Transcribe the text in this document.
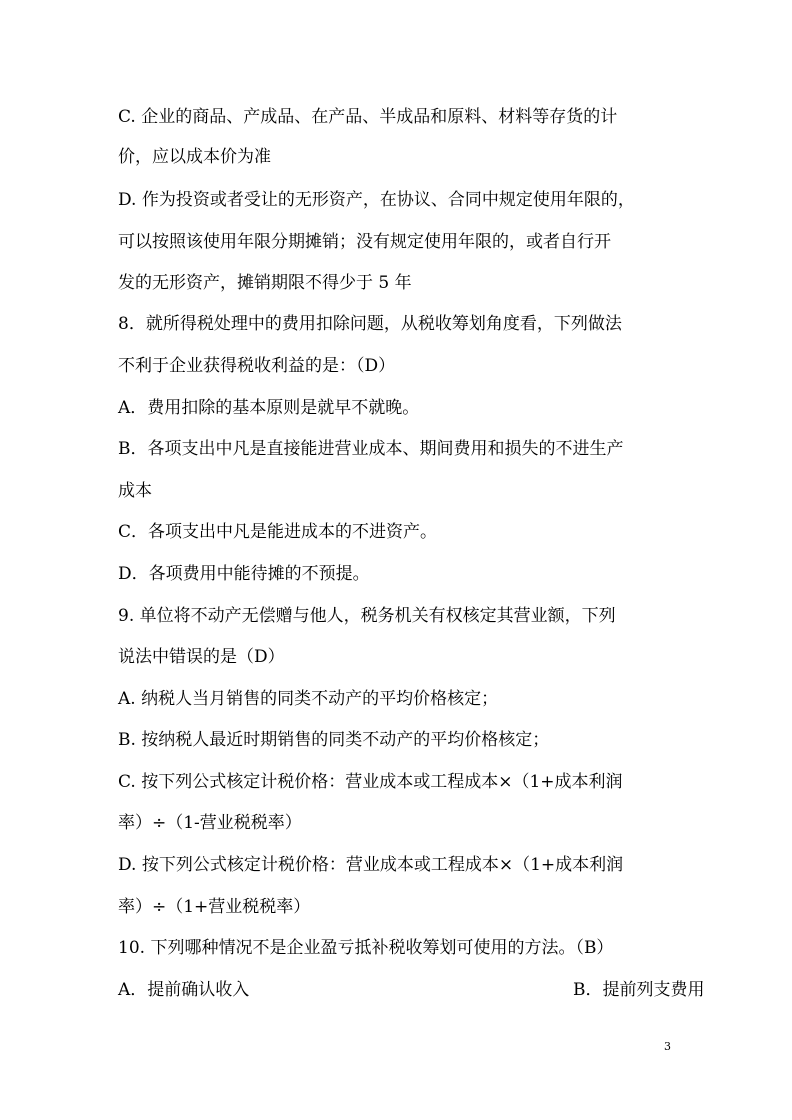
C. 企业的商品、产成品、在产品、半成品和原料、材料等存货的计
价，应以成本价为准
D. 作为投资或者受让的无形资产，在协议、合同中规定使用年限的，
可以按照该使用年限分期摊销；没有规定使用年限的，或者自行开
发的无形资产，摊销期限不得少于 5 年
8．就所得税处理中的费用扣除问题，从税收筹划角度看，下列做法
不利于企业获得税收利益的是：（D）
A．费用扣除的基本原则是就早不就晚。
B．各项支出中凡是直接能进营业成本、期间费用和损失的不进生产
成本
C．各项支出中凡是能进成本的不进资产。
D．各项费用中能待摊的不预提。
9. 单位将不动产无偿赠与他人，税务机关有权核定其营业额，下列
说法中错误的是（D）
A. 纳税人当月销售的同类不动产的平均价格核定；
B. 按纳税人最近时期销售的同类不动产的平均价格核定；
C. 按下列公式核定计税价格：营业成本或工程成本×（1+成本利润
率）÷（1-营业税税率）
D. 按下列公式核定计税价格：营业成本或工程成本×（1+成本利润
率）÷（1+营业税税率）
10. 下列哪种情况不是企业盈亏抵补税收筹划可使用的方法。（B）
A．提前确认收入	B．提前列支费用
3
